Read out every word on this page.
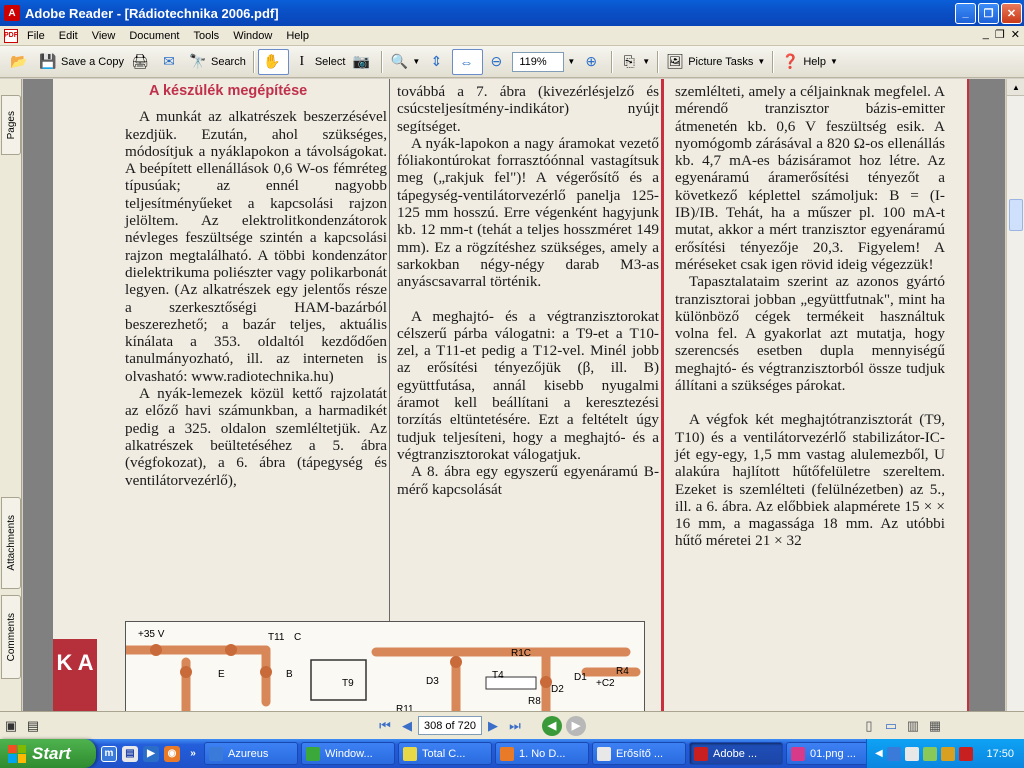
A Adobe Reader - [Rádiotechnika 2006.pdf]	_	❐	✕
PDF File	Edit	View	Document	Tools	Window	Help	_ ❐ ✕
📂 💾 Save a Copy 🖨 ✉ 🔭 Search ✋	I Select 📷 🔍 ▼ ⇕ ⇔ ⊖	119%	▼ ⊕	⎘ ▼ 🖼 Picture Tasks ▼ ❓ Help ▼
Pages
Attachments
Comments
K A

A készülék megépítése

A munkát az alkatrészek beszerzésével kezdjük. Ezután, ahol szükséges, módosítjuk a nyáklapokon a távolságokat. A beépített ellenállások 0,6 W-os fémréteg típusúak; az ennél nagyobb teljesítményűeket a kapcsolási rajzon jelöltem. Az elektrolitkondenzátorok névleges feszültsége szintén a kapcsolási rajzon megtalálható. A többi kondenzátor dielektrikuma poliészter vagy polikarbonát legyen. (Az alkatrészek egy jelentős része a szerkesztőségi HAM-bazárból beszerezhető; a bazár teljes, aktuális kínálata a 353. oldaltól kezdődően tanulmányozható, ill. az interneten is olvasható: www.radiotechnika.hu)

A nyák-lemezek közül kettő rajzolatát az előző havi számunkban, a harmadikét pedig a 325. oldalon szemléltetjük. Az alkatrészek beültetéséhez a 5. ábra (végfokozat), a 6. ábra (tápegység és ventilátorvezérlő),

továbbá a 7. ábra (kivezérlésjelző és csúcsteljesítmény-indikátor) nyújt segítséget.

A nyák-lapokon a nagy áramokat vezető fóliakontúrokat forrasztóónnal vastagítsuk meg („rakjuk fel")! A végerősítő és a tápegység-ventilátorvezérlő panelja 125-125 mm hosszú. Erre végenként hagyjunk kb. 12 mm-t (tehát a teljes hosszméret 149 mm). Ez a rögzítéshez szükséges, amely a sarkokban négy-négy darab M3-as anyáscsavarral történik.

A meghajtó- és a végtranzisztorokat célszerű párba válogatni: a T9-et a T10-zel, a T11-et pedig a T12-vel. Minél jobb az erősítési tényezőjük (β, ill. B) együttfutása, annál kisebb nyugalmi áramot kell beállítani a keresztezési torzítás eltüntetésére. Ezt a feltételt úgy tudjuk teljesíteni, hogy a meghajtó- és a végtranzisztorokat válogatjuk.

A 8. ábra egy egyszerű egyenáramú B-mérő kapcsolását

szemlélteti, amely a céljainknak megfelel. A mérendő tranzisztor bázis-emitter átmenetén kb. 0,6 V feszültség esik. A nyomógomb zárásával a 820 Ω-os ellenállás kb. 4,7 mA-es bázisáramot hoz létre. Az egyenáramú áramerősítési tényezőt a következő képlettel számoljuk: B = (I-IB)/IB. Tehát, ha a műszer pl. 100 mA-t mutat, akkor a mért tranzisztor egyenáramú erősítési tényezője 20,3. Figyelem! A méréseket csak igen rövid ideig végezzük!

Tapasztalataim szerint az azonos gyártó tranzisztorai jobban „együttfutnak", mint ha különböző cégek termékeit használtuk volna fel. A gyakorlat azt mutatja, hogy szerencsés esetben dupla mennyiségű meghajtó- és végtranzisztorból össze tudjuk állítani a szükséges párokat.

A végfok két meghajtótranzisztorát (T9, T10) és a ventilátorvezérlő stabilizátor-IC-jét egy-egy, 1,5 mm vastag alulemezből, U alakúra hajlított hűtőfelületre szereltem. Ezeket is szemlélteti (felülnézetben) az 5., ill. a 6. ábra. Az előbbiek alapmérete 15 × × 16 mm, a magassága 18 mm. Az utóbbi hűtő méretei 21 × 32

+35 V	T11 C
E	B
T9	D3
R11
R1C
T4
R8
D2
D1
R4
+C2
▲
▣ ▤	⏮ ◀	308 of 720 ▶ ⏭	◀	▶	▯ ▭ ▥ ▦
Start	m	▤	▶	◉	»	Azureus	Window...	Total C...	1. No D...	Erősítő ...	Adobe ...	01.png ... ◀	17:50
